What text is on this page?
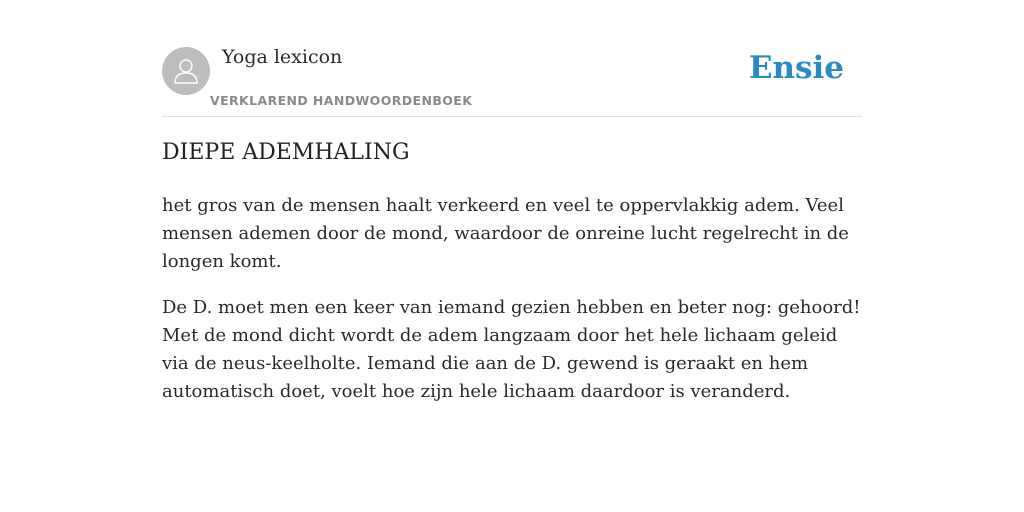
Yoga lexicon
VERKLAREND HANDWOORDENBOEK
Ensie
DIEPE ADEMHALING

het gros van de mensen haalt verkeerd en veel te oppervlakkig adem. Veel mensen ademen door de mond, waardoor de onreine lucht regelrecht in de longen komt.

De D. moet men een keer van iemand gezien hebben en beter nog: gehoord! Met de mond dicht wordt de adem langzaam door het hele lichaam geleid via de neus-keelholte. Iemand die aan de D. gewend is geraakt en hem automatisch doet, voelt hoe zijn hele lichaam daardoor is veranderd.
